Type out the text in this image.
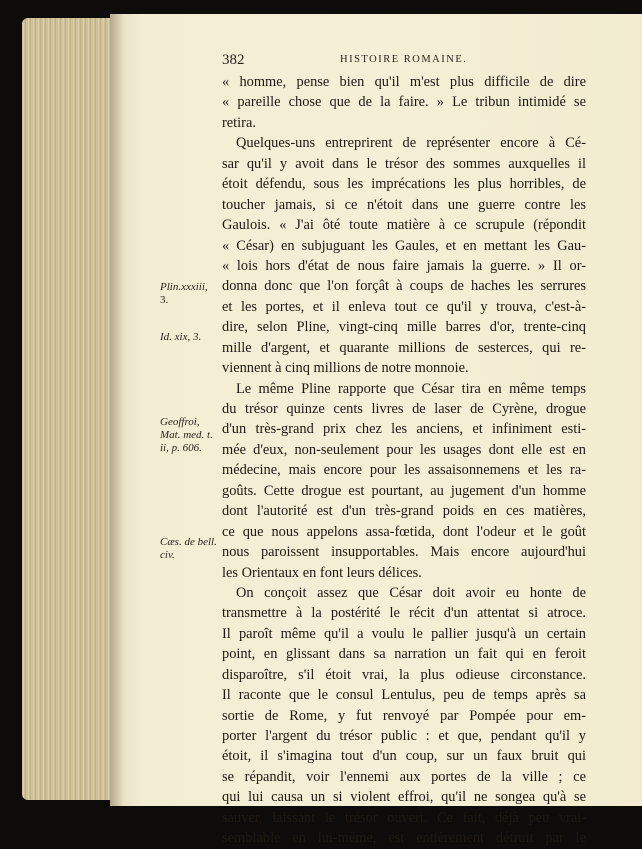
382	HISTOIRE ROMAINE.
Plin.xxxiii,
3.
Id. xix, 3.
Geoffroi,
Mat. med. t.
ii, p. 606.
Cæs. de bell.
civ.
« homme, pense bien qu'il m'est plus difficile de dire
« pareille chose que de la faire. » Le tribun intimidé se
retira.
Quelques-uns entreprirent de représenter encore à Cé-
sar qu'il y avoit dans le trésor des sommes auxquelles il
étoit défendu, sous les imprécations les plus horribles, de
toucher jamais, si ce n'étoit dans une guerre contre les
Gaulois. « J'ai ôté toute matière à ce scrupule (répondit
« César) en subjuguant les Gaules, et en mettant les Gau-
« lois hors d'état de nous faire jamais la guerre. » Il or-
donna donc que l'on forçât à coups de haches les serrures
et les portes, et il enleva tout ce qu'il y trouva, c'est-à-
dire, selon Pline, vingt-cinq mille barres d'or, trente-cinq
mille d'argent, et quarante millions de sesterces, qui re-
viennent à cinq millions de notre monnoie.
Le même Pline rapporte que César tira en même temps
du trésor quinze cents livres de laser de Cyrène, drogue
d'un très-grand prix chez les anciens, et infiniment esti-
mée d'eux, non-seulement pour les usages dont elle est en
médecine, mais encore pour les assaisonnemens et les ra-
goûts. Cette drogue est pourtant, au jugement d'un homme
dont l'autorité est d'un très-grand poids en ces matières,
ce que nous appelons assa-fœtida, dont l'odeur et le goût
nous paroissent insupportables. Mais encore aujourd'hui
les Orientaux en font leurs délices.
On conçoit assez que César doit avoir eu honte de
transmettre à la postérité le récit d'un attentat si atroce.
Il paroît même qu'il a voulu le pallier jusqu'à un certain
point, en glissant dans sa narration un fait qui en feroit
disparoître, s'il étoit vrai, la plus odieuse circonstance.
Il raconte que le consul Lentulus, peu de temps après sa
sortie de Rome, y fut renvoyé par Pompée pour em-
porter l'argent du trésor public : et que, pendant qu'il y
étoit, il s'imagina tout d'un coup, sur un faux bruit qui
se répandit, voir l'ennemi aux portes de la ville ; ce
qui lui causa un si violent effroi, qu'il ne songea qu'à se
sauver, laissant le trésor ouvert. Ce fait, déjà peu vrai-
semblable en lui-même, est entièrement détruit par le
